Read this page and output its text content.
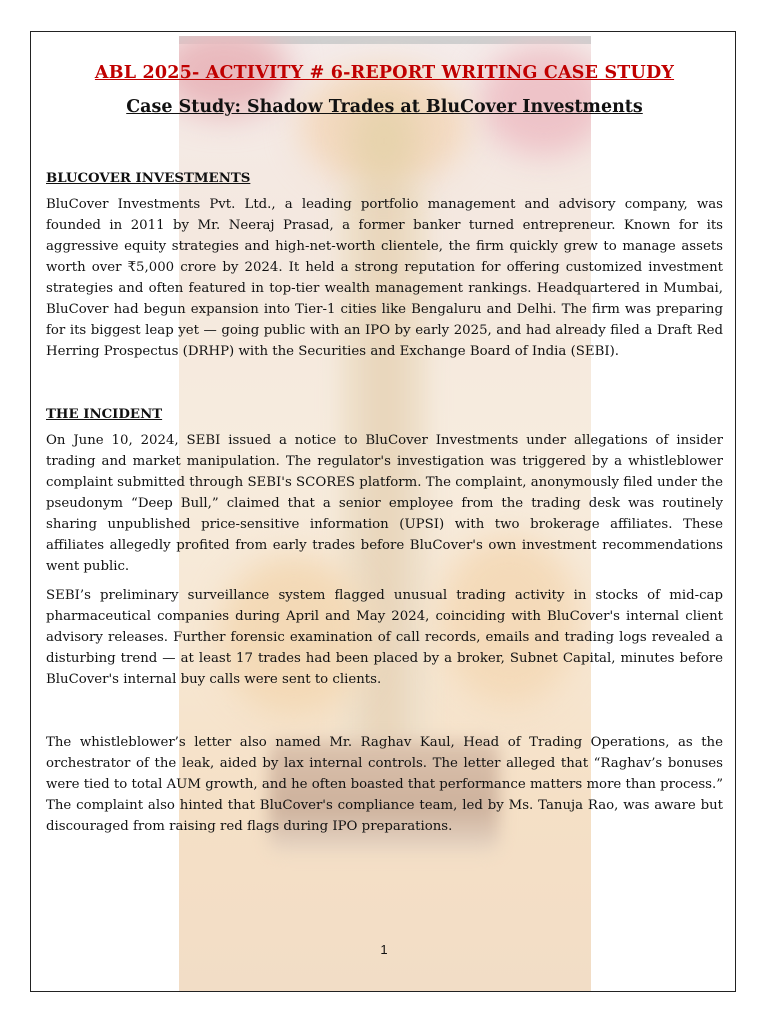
ABL 2025- ACTIVITY # 6-REPORT WRITING CASE STUDY
Case Study: Shadow Trades at BluCover Investments
BLUCOVER INVESTMENTS

BluCover Investments Pvt. Ltd., a leading portfolio management and advisory company, was founded in 2011 by Mr. Neeraj Prasad, a former banker turned entrepreneur. Known for its aggressive equity strategies and high-net-worth clientele, the firm quickly grew to manage assets worth over ₹5,000 crore by 2024. It held a strong reputation for offering customized investment strategies and often featured in top-tier wealth management rankings. Headquartered in Mumbai, BluCover had begun expansion into Tier-1 cities like Bengaluru and Delhi. The firm was preparing for its biggest leap yet — going public with an IPO by early 2025, and had already filed a Draft Red Herring Prospectus (DRHP) with the Securities and Exchange Board of India (SEBI).

THE INCIDENT

On June 10, 2024, SEBI issued a notice to BluCover Investments under allegations of insider trading and market manipulation. The regulator's investigation was triggered by a whistleblower complaint submitted through SEBI's SCORES platform. The complaint, anonymously filed under the pseudonym “Deep Bull,” claimed that a senior employee from the trading desk was routinely sharing unpublished price-sensitive information (UPSI) with two brokerage affiliates. These affiliates allegedly profited from early trades before BluCover's own investment recommendations went public.

SEBI’s preliminary surveillance system flagged unusual trading activity in stocks of mid-cap pharmaceutical companies during April and May 2024, coinciding with BluCover's internal client advisory releases. Further forensic examination of call records, emails and trading logs revealed a disturbing trend — at least 17 trades had been placed by a broker, Subnet Capital, minutes before BluCover's internal buy calls were sent to clients.

The whistleblower’s letter also named Mr. Raghav Kaul, Head of Trading Operations, as the orchestrator of the leak, aided by lax internal controls. The letter alleged that “Raghav’s bonuses were tied to total AUM growth, and he often boasted that performance matters more than process.” The complaint also hinted that BluCover's compliance team, led by Ms. Tanuja Rao, was aware but discouraged from raising red flags during IPO preparations.

1
